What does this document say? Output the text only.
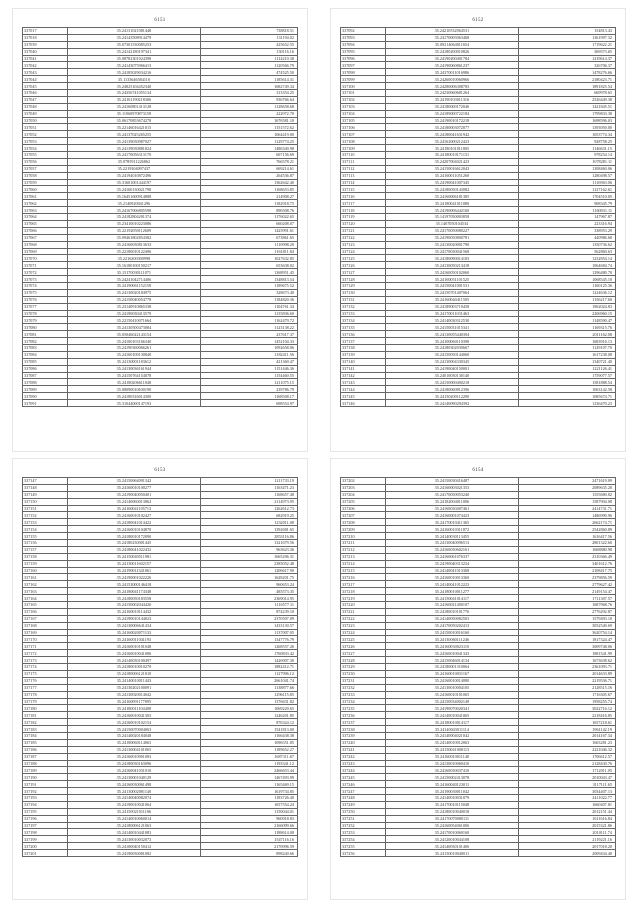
6151
337017	35.24131021081448	738818.51
337018	35.24143508914479	131194.02
337039	35.07301530085253	425652.55
337040	35.24142180197341	130116.16
337041	35.08782301024398	1114210.38
337042	35.24143075966413	1120566.79
337043	35.24185029034216	474525.50
337044	35.1135646584110	1185614.31
337045	35.24825104452340	1682749.34
337046	35.24356741055134	313354.25
337047	35.24161190218306	936766.64
337048	35.24160801413128	1128658.68
337049	35.11060970873158	222972.70
337050	35.06170853674278	1676581.10
337051	35.22146016421015	1151572.62
337052	35.24137025265255	1064419.00
337053	35.24139030987027	1129774.25
337054	35.24139030881824	1486340.98
337055	35.24170056313170	607156.69
337056	35.0785911226862	766578.21
337057	35.2219304097437	669214.61
337058	35.24194010872496	264536.87
337059	35.31601001444197	1362642.40
337060	35.24160130021798	1168653.85
337061	35.16451600914888	214908.27
337062	35.2140920041296	1182918.75
337063	35.24167006805598	896508.76
337064	35.24182804201374	1176022.65
337065	35.23410010223086	660208.07
337066	35.22192050112609	1425991.61
337067	35.09461802854382	673861.65
337068	35.24160030813633	1110998.20
337069	35.22180010122496	1161811.84
337070	35.2216200300998	1027632.85
337071	35.16180100150217	653638.02
337072	35.15170030111071	1368951.45
337073	35.24241042714406	1348813.54
337074	35.24190061152158	1189675.52
337075	35.24130020184975	328673.40
337076	35.24150040054778	1184820.36
337077	35.23140910865338	1104761.34
337078	35.24190030413579	1135836.60
337079	35.22150410071664	1162479.72
337080	35.24130500473084	1123138.22
337081	35.05046022143154	237617.37
337082	35.24100103166340	1452104.33
337083	35.24190360066261	1092658.06
337084	35.24160100130840	1182411.56
337085	35.24130001183612	421360.47
337086	35.24130036161944	1151446.36
337087	35.24150764154078	1154460.55
337088	35.24180206611048	1211075.15
337089	35.08090010630190	239786.79
337090	35.24180316014300	1168508.17
337091	35.31044000147193	698554.97
6152
337092	35.24210532064531	154813.43
337093	35.24170005063468	1361997.32
337094	35.09214064011654	1719622.21
337095	35.24180200010826	369573.65
337096	35.24190200401784	1219614.37
337097	35.24190060861237	326706.37
337098	35.24370011016986	1478276.66
337099	35.24260010060966	2180423.71
337100	35.24280006308783	1891825.54
337101	35.24230060681264	669978.65
337102	35.24190103011316	2526449.38
337103	35.24180000172046	1421845.51
337104	35.24189000722184	1799833.38
337105	35.24190010172218	1698596.03
337106	35.24180003072077	1393950.00
337107	35.24180041631942	1053774.34
337108	35.24162000212423	928758.25
337109	35.24180101011805	1146631.15
337110	35.24180010171131	978254.14
337111	35.24207004021423	1078281.11
337112	35.24150016612043	1308460.06
337113	35.24160011051260	1280498.57
337114	35.24190041007345	1116963.06
337115	35.24180050143082	1127162.61
337116	35.24160006181385	1704510.05
337117	35.24180041011080	908345.79
337118	35.24190006442160	1160031.11
337119	35.14197050003858	147967.87
337120	35.1407050104534	223316.94
337121	35.24170050080227	338953.29
337122	35.24190050800781	440986.68
337123	35.24130020001790	1350736.62
337124	35.24170030041568	562860.63
337125	35.24180090014183	1232854.14
337126	35.24130050213418	1064684.74
337127	35.24160050102060	1296480.70
337128	35.24160051101525	1068545.10
337129	35.24150041001531	1160125.36
337130	35.24150701407064	1224636.12
337131	35.24160040411505	1156217.60
337132	35.24189003710458	1962024.83
337133	35.24170011031463	2206960.15
337134	35.24140030312530	1148590.47
337135	35.24150031015341	1169315.76
337136	35.24130055440394	2011162.08
337137	35.24100060110398	1683916.13
337138	35.24180302030667	1129107.70
337139	35.24150050144060	1617238.08
337140	35.24130004330345	1340721.40
337141	35.24190040150001	1221126.41
337142	35.24010030130140	1759077.57
337143	35.24150000400218	1581888.54
337144	35.24180060812396	1063142.58
337145	35.24150200112290	1085674.71
337146	35.24140090294392	1236470.23
6153
337147	35.24150064091342	1211733.19
337148	35.24160010100277	1163471.23
337149	35.24190040050401	1168657.48
337150	35.24140060013862	2114973.95
337151	35.24160041105713	1262612.73
337152	35.24160010102427	682919.25
337153	35.24180041014422	1232011.08
337154	35.24160010104870	1392681.65
337155	35.24180010172090	2853116.86
337156	35.24180230001445	1321679.56
337157	35.24180041022432	963623.36
337158	35.24150040511981	1665296.31
337159	35.24130011602157	2385052.48
337160	35.24190011341061	1206617.90
337161	35.24190001022226	1628201.75
337162	35.24153000146418	960653.24
337163	35.24180041174348	485573.35
337164	35.24180050183558	2369014.95
337165	35.24150002044426	1116577.11
337166	35.24160010114432	874239.10
337167	35.24190010144023	2370507.09
337168	35.24130006641434	1433130.57
337169	35.24160020071133	1137007.05
337170	35.24160011041193	1347776.79
337171	35.24160010101048	1268557.26
337172	35.24160010041086	1760833.42
337173	35.24140030100497	1426907.30
337174	35.24180010010270	1882412.71
337175	35.24180006121010	1127996.12
337176	35.24140010011443	2661041.74
337177	35.24130202100091	1138877.66
337178	35.24130020014042	1296115.85
337179	35.24160091177095	1376631.82
337180	35.24180011104408	1069220.65
337181	35.24160010041303	1246201.85
337182	35.24160010102154	876324.12
337183	35.24150070004063	1541813.00
337184	35.24140020184048	1166438.38
337185	35.24180060114063	1096551.85
337186	35.24130004101065	1189652.27
337187	35.24160010901083	1687311.67
337188	35.24180030163096	1193341.12
337189	35.24160041031010	2466653.44
337190	35.24130001040129	1467493.99
337191	35.24160030061498	1165469.15
337192	35.24130002081140	1619734.85
337193	35.24140040082074	1183726.40
337194	35.24190010041064	1657554.24
337195	35.24150021011106	1150044.01
337196	35.24140010060014	960918.83
337197	35.24180006121063	2166099.66
337198	35.24140010441083	1188614.08
337199	35.24130010032073	1547116.16
337200	35.24180040150412	2170996.59
337201	35.24190030081082	898240.66
6154
337202	35.24150030416487	2471619.09
337203	35.24160003021353	2089635.20
337204	35.24170050053240	1555680.82
337205	35.24182004011006	1587904.08
337206	35.24160030407461	2414731.71
337207	35.24160001074423	1486990.96
337208	35.24170010411365	2662174.71
337209	35.24160010311872	2542860.89
337210	35.24140030113455	1616417.56
337211	35.24130040096513	2801322.60
337212	35.24160030602161	1668880.98
337213	35.24160061076337	2310366.49
337214	35.24190040313234	3401612.76
337215	35.24140041013368	2108417.75
337216	35.24160010013360	2379856.59
337217	35.24140041012223	2779627.42
337218	35.24180010011277	2149154.47
337219	35.24150041014117	1711307.57
337220	35.24160021400107	1687968.76
337221	35.24180010101776	2776292.87
337222	35.24140050082503	1579493.10
337223	35.24170050202413	3052540.69
337224	35.24150010016160	3620754.14
337225	35.24130060111246	1817324.47
337226	35.24160030023110	3009748.06
337227	35.24160010041343	1881541.99
337228	35.24150046014134	1673638.62
337229	35.24180001310064	2361093.71
337230	35.24160010031167	2014633.89
337231	35.24160010014080	2219536.71
337232	35.24130010004105	2128515.16
337233	35.24160010101065	1716305.67
337234	35.24150034002149	1958255.74
337235	35.24190070020341	3022716.12
337236	35.24140010041065	2218416.85
337237	35.24180010014117	1657218.61
337238	35.24140043011114	1961142.19
337239	35.24140004021042	2014167.34
337240	35.24140010012063	1663281.23
337241	35.24150041000113	2221046.32
337242	35.24160010011140	1706612.57
337243	35.24130010060410	2128430.76
337244	35.24160030037410	1712011.05
337245	35.24150002413078	2010043.47
337246	35.24160040123011	3117111.65
337247	35.24190030011042	3034407.13
337248	35.24140010031079	2411022.77
337249	35.24170010115048	1660407.81
337250	35.24180010040018	2012151.44
337251	35.24170070080111	1611616.84
337252	35.24160054061006	2015321.86
337253	35.24170010060160	2010111.74
337254	35.24120010044108	2119221.16
337255	35.24140030101406	2017018.20
337256	35.24150010040011	2009434.40
